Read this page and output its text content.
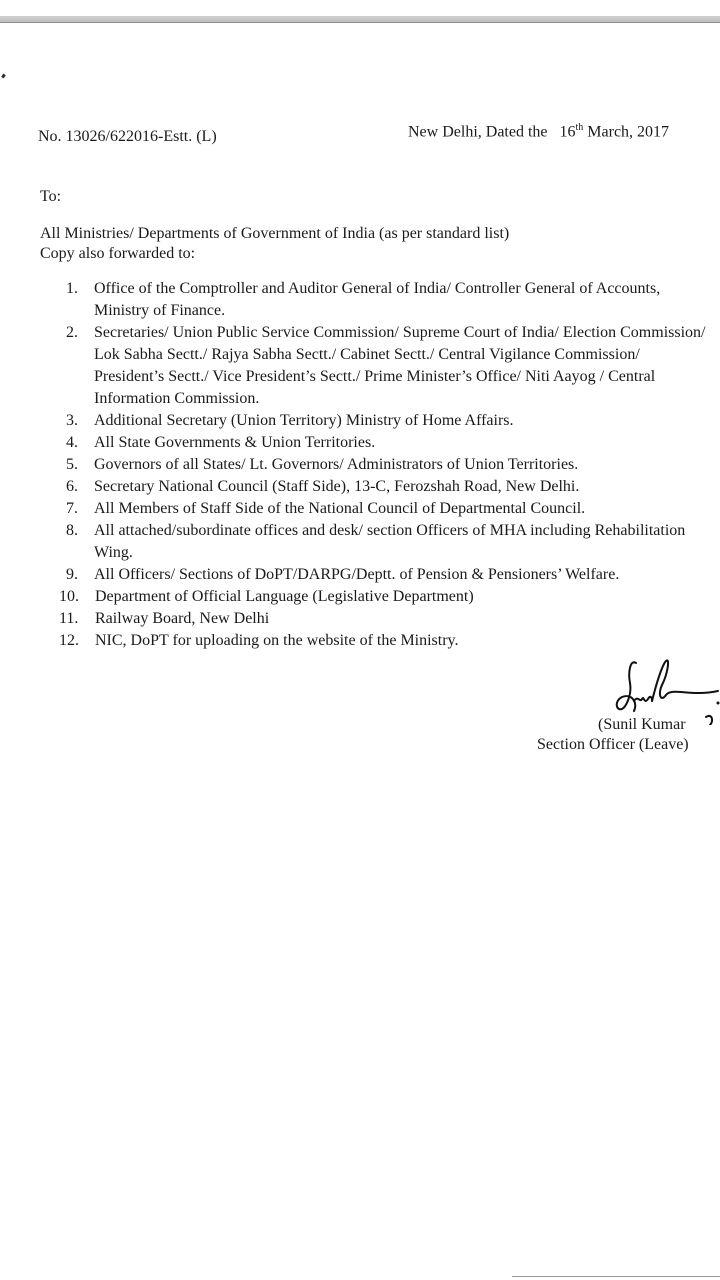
No. 13026/622016-Estt. (L)	New Delhi, Dated the 16th March, 2017
To:
All Ministries/ Departments of Government of India (as per standard list)
Copy also forwarded to:
1.	Office of the Comptroller and Auditor General of India/ Controller General of Accounts, Ministry of Finance.
2.	Secretaries/ Union Public Service Commission/ Supreme Court of India/ Election Commission/ Lok Sabha Sectt./ Rajya Sabha Sectt./ Cabinet Sectt./ Central Vigilance Commission/ President’s Sectt./ Vice President’s Sectt./ Prime Minister’s Office/ Niti Aayog / Central Information Commission.
3.	Additional Secretary (Union Territory) Ministry of Home Affairs.
4.	All State Governments & Union Territories.
5.	Governors of all States/ Lt. Governors/ Administrators of Union Territories.
6.	Secretary National Council (Staff Side), 13-C, Ferozshah Road, New Delhi.
7.	All Members of Staff Side of the National Council of Departmental Council.
8.	All attached/subordinate offices and desk/ section Officers of MHA including Rehabilitation Wing.
9.	All Officers/ Sections of DoPT/DARPG/Deptt. of Pension & Pensioners’ Welfare.
10.	Department of Official Language (Legislative Department)
11.	Railway Board, New Delhi
12.	NIC, DoPT for uploading on the website of the Ministry.
(Sunil Kumar
Section Officer (Leave)
